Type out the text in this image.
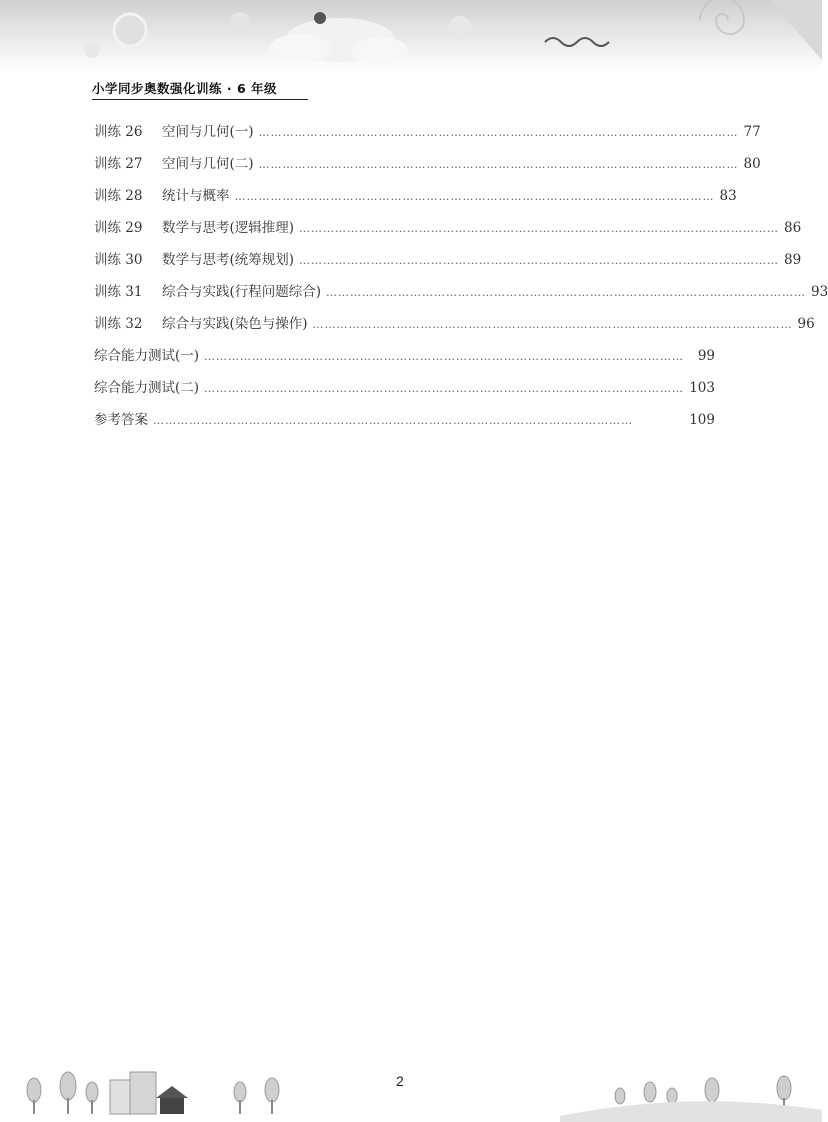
小学同步奥数强化训练 · 6 年级
训练 26 空间与几何(一) ………………………………………………………………………………………………………… 77
训练 27 空间与几何(二) ………………………………………………………………………………………………………… 80
训练 28 统计与概率 ………………………………………………………………………………………………………… 83
训练 29 数学与思考(逻辑推理) ………………………………………………………………………………………………………… 86
训练 30 数学与思考(统筹规划) ………………………………………………………………………………………………………… 89
训练 31 综合与实践(行程问题综合) ………………………………………………………………………………………………………… 93
训练 32 综合与实践(染色与操作) ………………………………………………………………………………………………………… 96
综合能力测试(一) …………………………………………………………………………………………………………	99
综合能力测试(二) ………………………………………………………………………………………………………… 103
参考答案 …………………………………………………………………………………………………………	109
2
